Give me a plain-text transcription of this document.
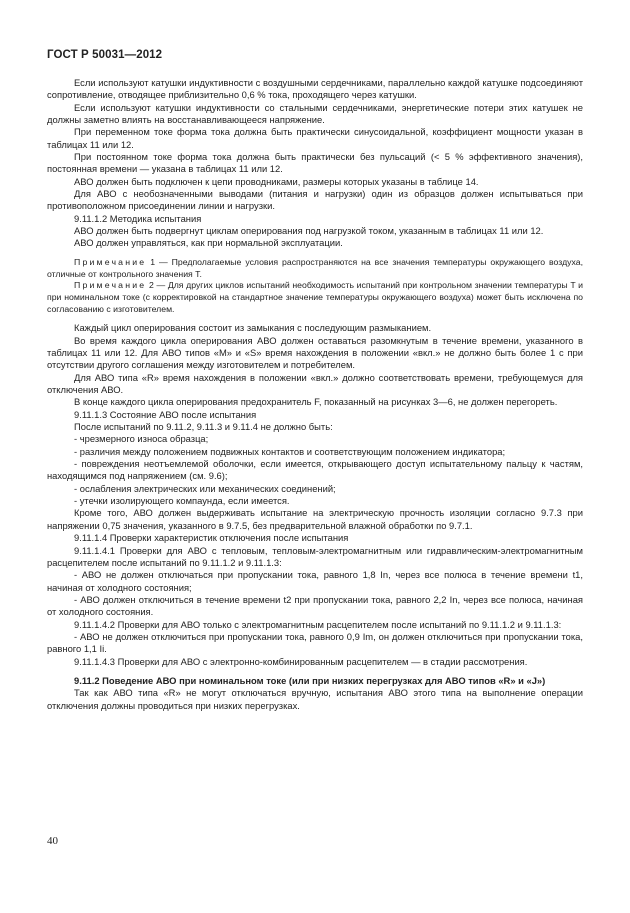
ГОСТ Р 50031—2012

Если используют катушки индуктивности с воздушными сердечниками, параллельно каждой катушке подсоединяют сопротивление, отводящее приблизительно 0,6 % тока, проходящего через катушки.

Если используют катушки индуктивности со стальными сердечниками, энергетические потери этих катушек не должны заметно влиять на восстанавливающееся напряжение.

При переменном токе форма тока должна быть практически синусоидальной, коэффициент мощности указан в таблицах 11 или 12.

При постоянном токе форма тока должна быть практически без пульсаций (< 5 % эффективного значения), постоянная времени — указана в таблицах 11 или 12.

АВО должен быть подключен к цепи проводниками, размеры которых указаны в таблице 14.

Для АВО с необозначенными выводами (питания и нагрузки) один из образцов должен испытываться при противоположном присоединении линии и нагрузки.

9.11.1.2 Методика испытания

АВО должен быть подвергнут циклам оперирования под нагрузкой током, указанным в таблицах 11 или 12.

АВО должен управляться, как при нормальной эксплуатации.

Примечание 1 — Предполагаемые условия распространяются на все значения температуры окружающего воздуха, отличные от контрольного значения T.

Примечание 2 — Для других циклов испытаний необходимость испытаний при контрольном значении температуры T и при номинальном токе (с корректировкой на стандартное значение температуры окружающего воздуха) может быть исключена по согласованию с изготовителем.

Каждый цикл оперирования состоит из замыкания с последующим размыканием.

Во время каждого цикла оперирования АВО должен оставаться разомкнутым в течение времени, указанного в таблицах 11 или 12. Для АВО типов «М» и «S» время нахождения в положении «вкл.» не должно быть более 1 с при отсутствии другого соглашения между изготовителем и потребителем.

Для АВО типа «R» время нахождения в положении «вкл.» должно соответствовать времени, требующемуся для отключения АВО.

В конце каждого цикла оперирования предохранитель F, показанный на рисунках 3—6, не должен перегореть.

9.11.1.3 Состояние АВО после испытания

После испытаний по 9.11.2, 9.11.3 и 9.11.4 не должно быть:

- чрезмерного износа образца;

- различия между положением подвижных контактов и соответствующим положением индикатора;

- повреждения неотъемлемой оболочки, если имеется, открывающего доступ испытательному пальцу к частям, находящимся под напряжением (см. 9.6);

- ослабления электрических или механических соединений;

- утечки изолирующего компаунда, если имеется.

Кроме того, АВО должен выдерживать испытание на электрическую прочность изоляции согласно 9.7.3 при напряжении 0,75 значения, указанного в 9.7.5, без предварительной влажной обработки по 9.7.1.

9.11.1.4 Проверки характеристик отключения после испытания

9.11.1.4.1 Проверки для АВО с тепловым, тепловым-электромагнитным или гидравлическим-электромагнитным расцепителем после испытаний по 9.11.1.2 и 9.11.1.3:

- АВО не должен отключаться при пропускании тока, равного 1,8 In, через все полюса в течение времени t1, начиная от холодного состояния;

- АВО должен отключиться в течение времени t2 при пропускании тока, равного 2,2 In, через все полюса, начиная от холодного состояния.

9.11.1.4.2 Проверки для АВО только с электромагнитным расцепителем после испытаний по 9.11.1.2 и 9.11.1.3:

- АВО не должен отключиться при пропускании тока, равного 0,9 Im, он должен отключиться при пропускании тока, равного 1,1 Ii.

9.11.1.4.3 Проверки для АВО с электронно-комбинированным расцепителем — в стадии рассмотрения.

9.11.2 Поведение АВО при номинальном токе (или при низких перегрузках для АВО типов «R» и «J»)

Так как АВО типа «R» не могут отключаться вручную, испытания АВО этого типа на выполнение операции отключения должны проводиться при низких перегрузках.

40
